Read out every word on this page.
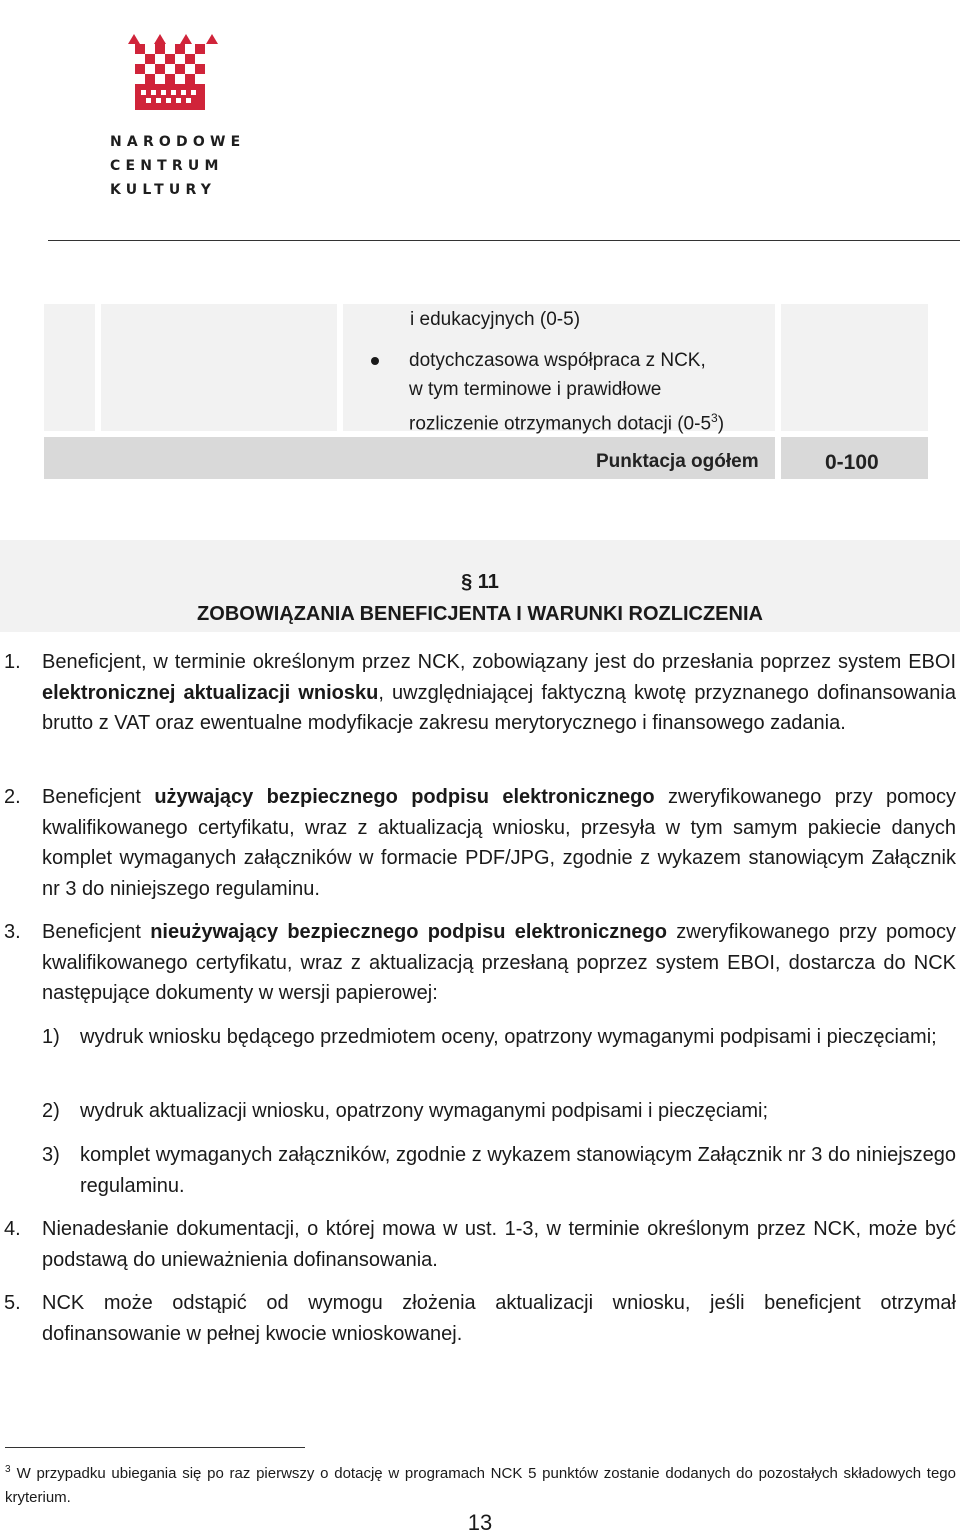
NARODOWE
CENTRUM
KULTURY
i edukacyjnych (0-5)
dotychczasowa współpraca z NCK,
w tym terminowe i prawidłowe
rozliczenie otrzymanych dotacji $(0-5^3)$
Punktacja ogółem	0-100
§ 11
ZOBOWIĄZANIA BENEFICJENTA I WARUNKI ROZLICZENIA
1. Beneficjent, w terminie określonym przez NCK, zobowiązany jest do przesłania poprzez system EBOI elektronicznej aktualizacji wniosku, uwzględniającej faktyczną kwotę przyznanego dofinansowania brutto z VAT oraz ewentualne modyfikacje zakresu merytorycznego i finansowego zadania.
2. Beneficjent używający bezpiecznego podpisu elektronicznego zweryfikowanego przy pomocy kwalifikowanego certyfikatu, wraz z aktualizacją wniosku, przesyła w tym samym pakiecie danych komplet wymaganych załączników w formacie PDF/JPG, zgodnie z wykazem stanowiącym Załącznik nr 3 do niniejszego regulaminu.
3. Beneficjent nieużywający bezpiecznego podpisu elektronicznego zweryfikowanego przy pomocy kwalifikowanego certyfikatu, wraz z aktualizacją przesłaną poprzez system EBOI, dostarcza do NCK następujące dokumenty w wersji papierowej:
1) wydruk wniosku będącego przedmiotem oceny, opatrzony wymaganymi podpisami i pieczęciami;
2) wydruk aktualizacji wniosku, opatrzony wymaganymi podpisami i pieczęciami;
3) komplet wymaganych załączników, zgodnie z wykazem stanowiącym Załącznik nr 3 do niniejszego regulaminu.
4. Nienadesłanie dokumentacji, o której mowa w ust. 1-3, w terminie określonym przez NCK, może być podstawą do unieważnienia dofinansowania.
5. NCK może odstąpić od wymogu złożenia aktualizacji wniosku, jeśli beneficjent otrzymał dofinansowanie w pełnej kwocie wnioskowanej.
$^3$ W przypadku ubiegania się po raz pierwszy o dotację w programach NCK 5 punktów zostanie dodanych do pozostałych składowych tego kryterium.
13
